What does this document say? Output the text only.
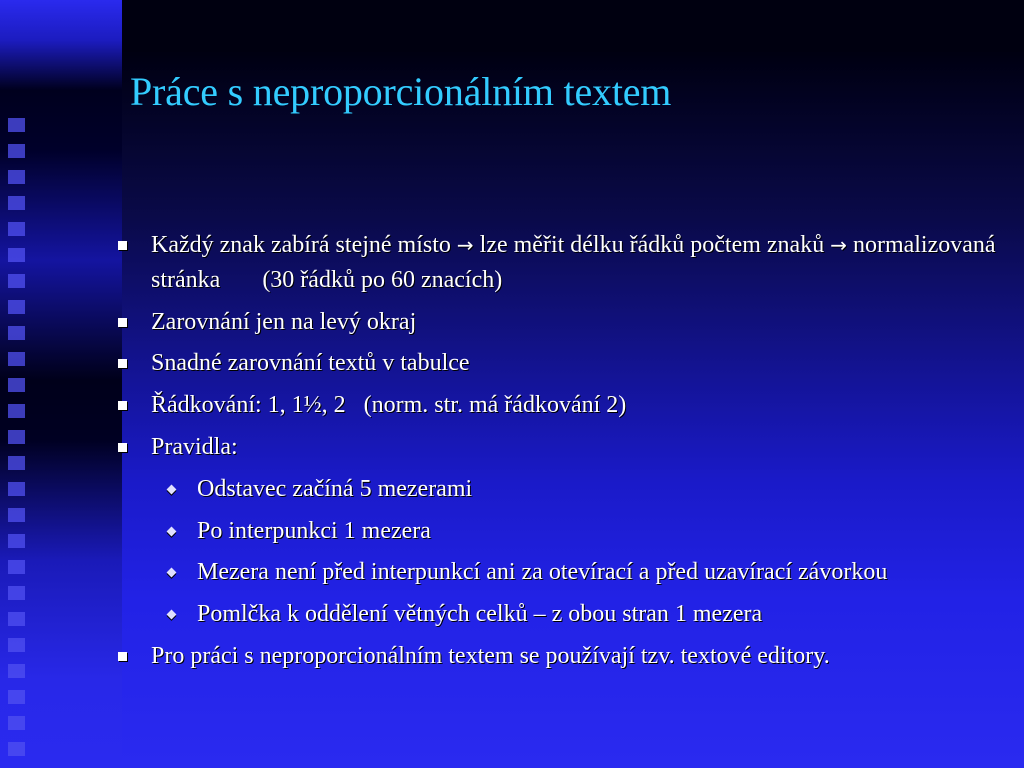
Práce s neproporcionálním textem
Každý znak zabírá stejné místo → lze měřit délku řádků počtem znaků → normalizovaná stránka (30 řádků po 60 znacích)
Zarovnání jen na levý okraj
Snadné zarovnání textů v tabulce
Řádkování: 1, 1½, 2   (norm. str. má řádkování 2)
Pravidla:
Odstavec začíná 5 mezerami
Po interpunkci 1 mezera
Mezera není před interpunkcí ani za otevírací a před uzavírací závorkou
Pomlčka k oddělení větných celků – z obou stran 1 mezera
Pro práci s neproporcionálním textem se používají tzv. textové editory.
